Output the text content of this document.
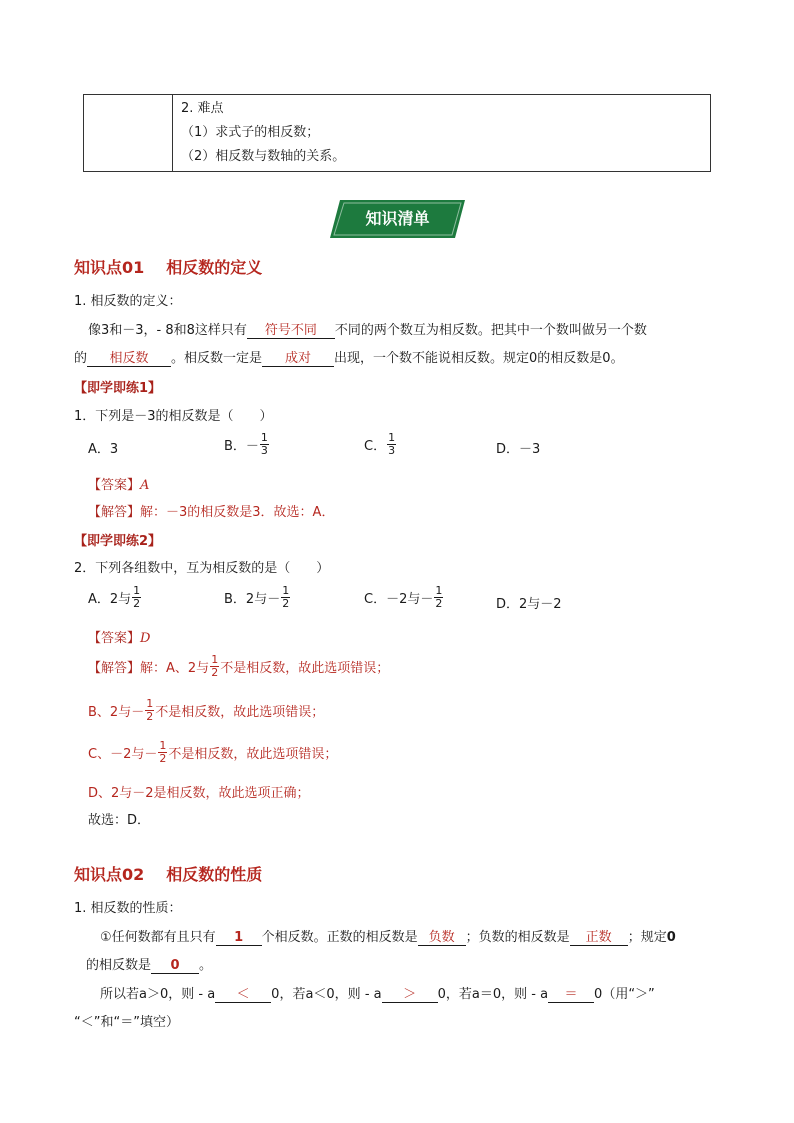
2. 难点
（1）求式子的相反数；
（2）相反数与数轴的关系。
知识清单
知识点01 相反数的定义
1. 相反数的定义：
像3和－3，- 8和8这样只有 符号不同 不同的两个数互为相反数。把其中一个数叫做另一个数
的 相反数 。相反数一定是 成对 出现，一个数不能说相反数。规定0的相反数是0。
【即学即练1】
1．下列是－3的相反数是（　　）
A．3	B．－ $\frac{1}{3}$	C． $\frac{1}{3}$	D．－3
【答案】A
【解答】解：－3的相反数是3．故选：A．
【即学即练2】
2．下列各组数中，互为相反数的是（　　）
A．2与 $\frac{1}{2}$	B．2与－ $\frac{1}{2}$	C．－2与－ $\frac{1}{2}$	D．2与－2
【答案】D
【解答】 解：A、2与 $\frac{1}{2}$ 不是相反数，故此选项错误；
B、2与－ $\frac{1}{2}$ 不是相反数，故此选项错误；
C、－2与－ $\frac{1}{2}$ 不是相反数，故此选项错误；
D、2与－2是相反数，故此选项正确；
故选：D．
知识点02 相反数的性质
1. 相反数的性质：
①任何数都有且只有 1 个相反数。正数的相反数是 负数 ；负数的相反数是 正数 ；规定0
的相反数是 0 。
所以若a＞0，则 - a ＜ 0，若a＜0，则 - a ＞ 0，若a＝0，则 - a ＝ 0（用“＞”
“＜”和“＝”填空）
